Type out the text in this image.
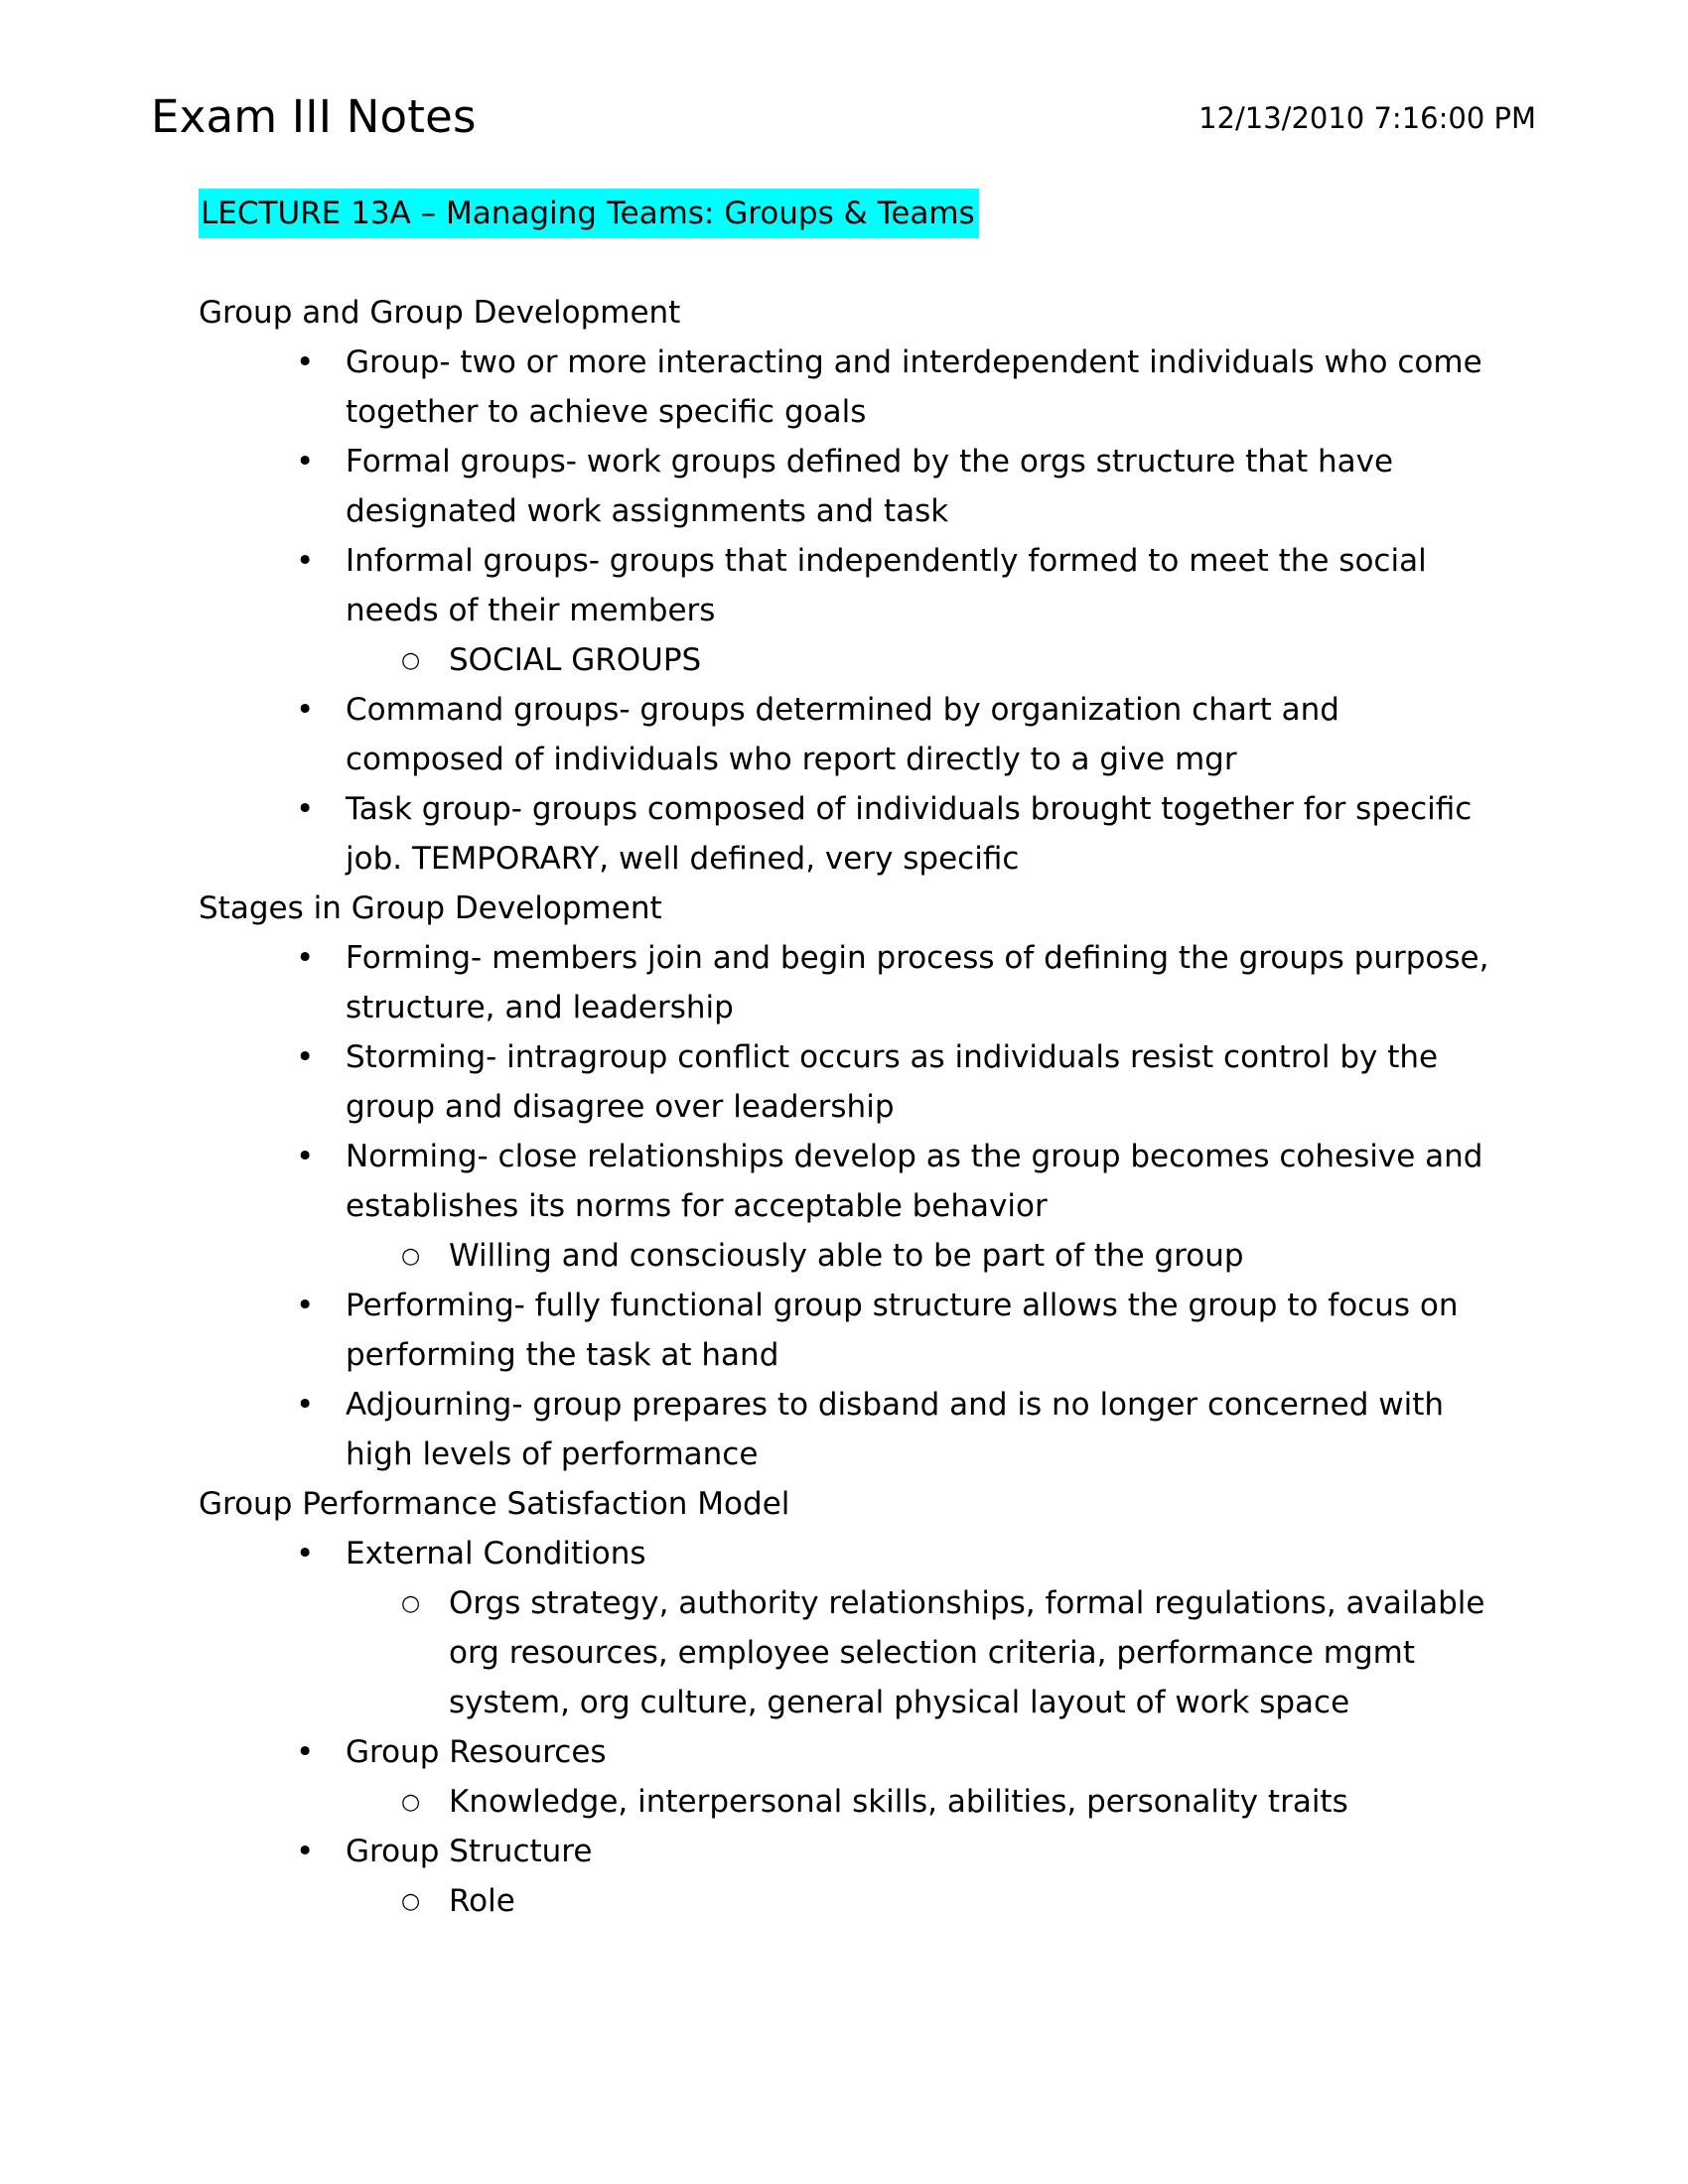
Exam III Notes	12/13/2010 7:16:00 PM
LECTURE 13A – Managing Teams: Groups & Teams
Group and Group Development
•	Group- two or more interacting and interdependent individuals who come together to achieve specific goals
•	Formal groups- work groups defined by the orgs structure that have designated work assignments and task
•	Informal groups- groups that independently formed to meet the social needs of their members
○ SOCIAL GROUPS
•	Command groups- groups determined by organization chart and composed of individuals who report directly to a give mgr
•	Task group- groups composed of individuals brought together for specific job. TEMPORARY, well defined, very specific
Stages in Group Development
•	Forming- members join and begin process of defining the groups purpose, structure, and leadership
•	Storming- intragroup conflict occurs as individuals resist control by the group and disagree over leadership
•	Norming- close relationships develop as the group becomes cohesive and establishes its norms for acceptable behavior
○ Willing and consciously able to be part of the group
•	Performing- fully functional group structure allows the group to focus on performing the task at hand
•	Adjourning- group prepares to disband and is no longer concerned with high levels of performance
Group Performance Satisfaction Model
•	External Conditions
○ Orgs strategy, authority relationships, formal regulations, available org resources, employee selection criteria, performance mgmt system, org culture, general physical layout of work space
•	Group Resources
○ Knowledge, interpersonal skills, abilities, personality traits
•	Group Structure
○ Role
